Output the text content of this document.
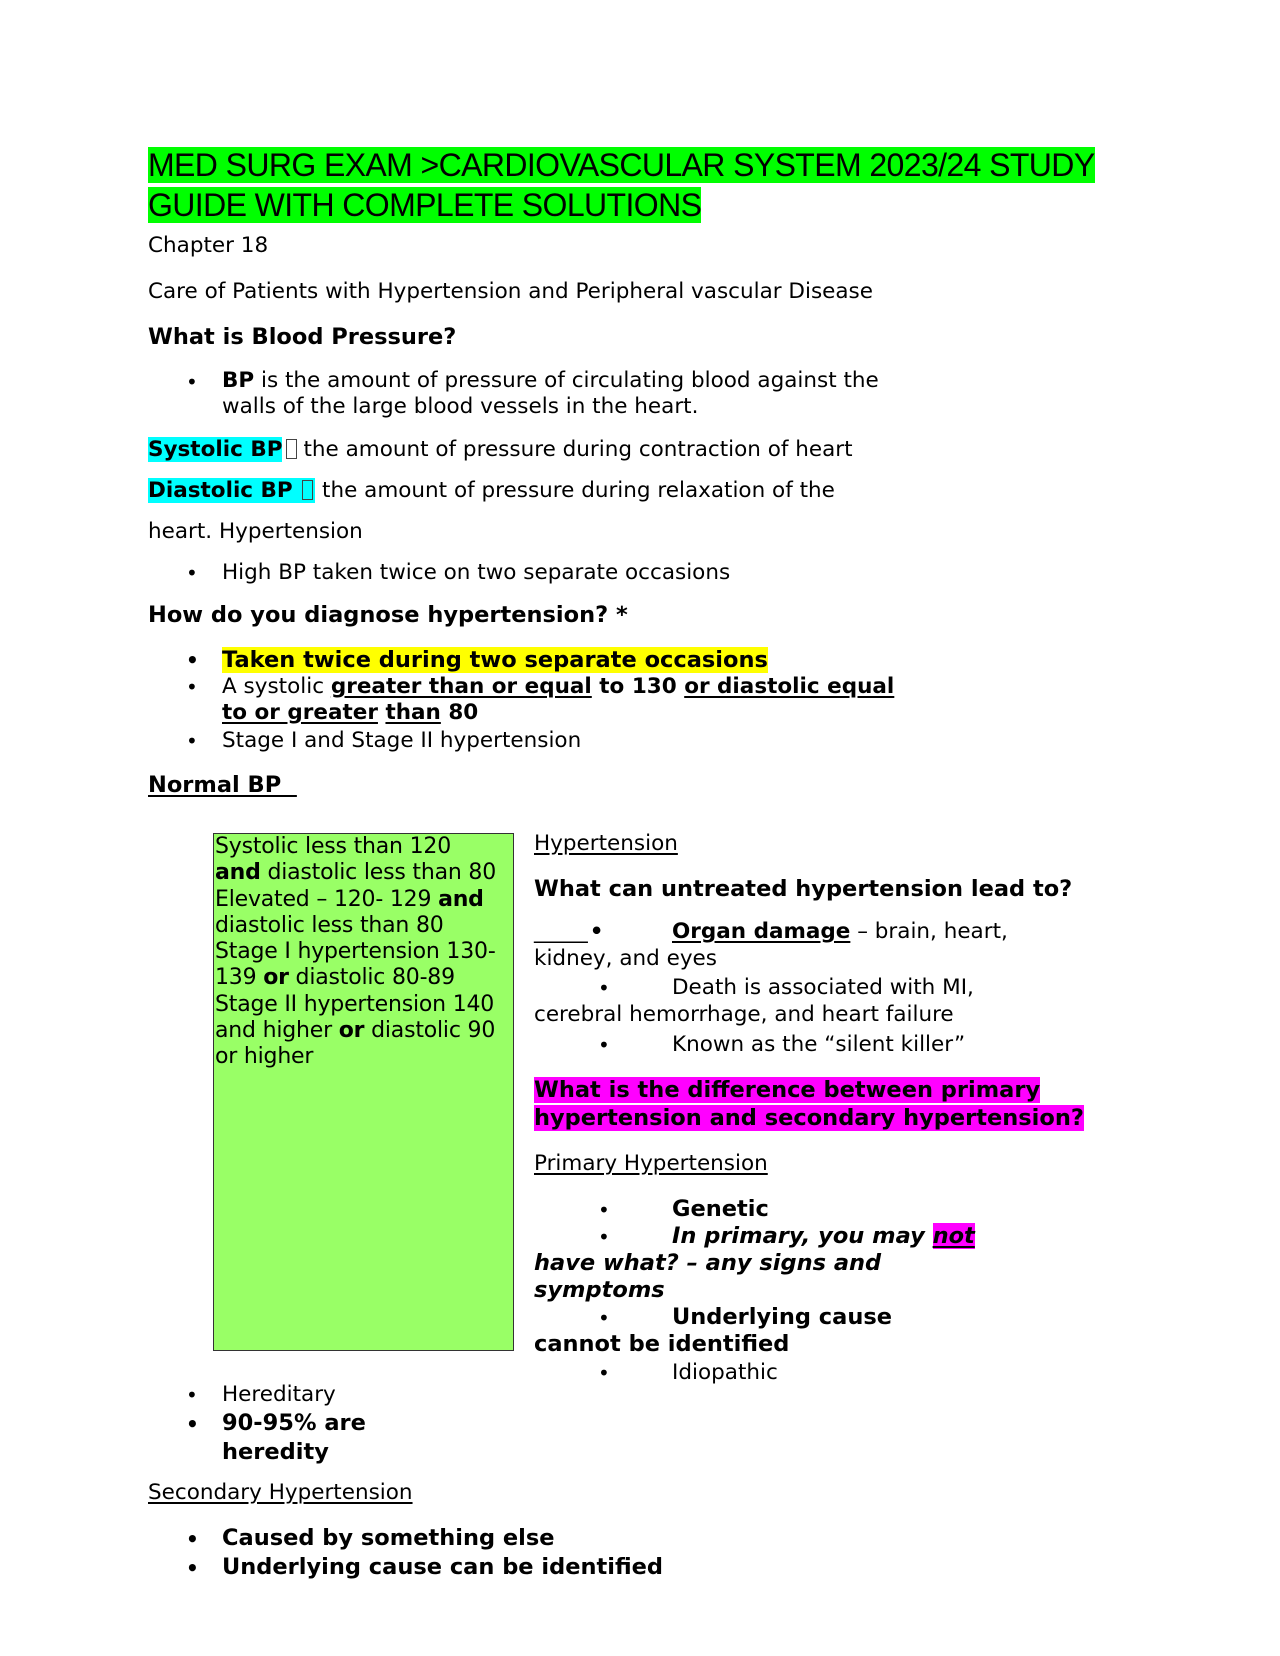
MED SURG EXAM >CARDIOVASCULAR SYSTEM 2023/24 STUDY
GUIDE WITH COMPLETE SOLUTIONS
Chapter 18
Care of Patients with Hypertension and Peripheral vascular Disease
What is Blood Pressure?
• BP is the amount of pressure of circulating blood against the
walls of the large blood vessels in the heart.
Systolic BP the amount of pressure during contraction of heart
Diastolic BP the amount of pressure during relaxation of the
heart. Hypertension
• High BP taken twice on two separate occasions
How do you diagnose hypertension? *
• Taken twice during two separate occasions
• A systolic greater than or equal to 130 or diastolic equal
to or greater than 80
• Stage I and Stage II hypertension
Normal BP
Systolic less than 120
and diastolic less than 80
Elevated – 120- 129 and
diastolic less than 80
Stage I hypertension 130-
139 or diastolic 80-89
Stage II hypertension 140
and higher or diastolic 90
or higher
• Hereditary
• 90-95% are
heredity
Hypertension
What can untreated hypertension lead to?
_____•	Organ damage – brain, heart,
kidney, and eyes
•	Death is associated with MI,
cerebral hemorrhage, and heart failure
•	Known as the “silent killer”
What is the difference between primary
hypertension and secondary hypertension?
Primary Hypertension
•	Genetic
•	In primary, you may not
have what? – any signs and
symptoms
•	Underlying cause
cannot be identified
•	Idiopathic
Secondary Hypertension
• Caused by something else
• Underlying cause can be identified
